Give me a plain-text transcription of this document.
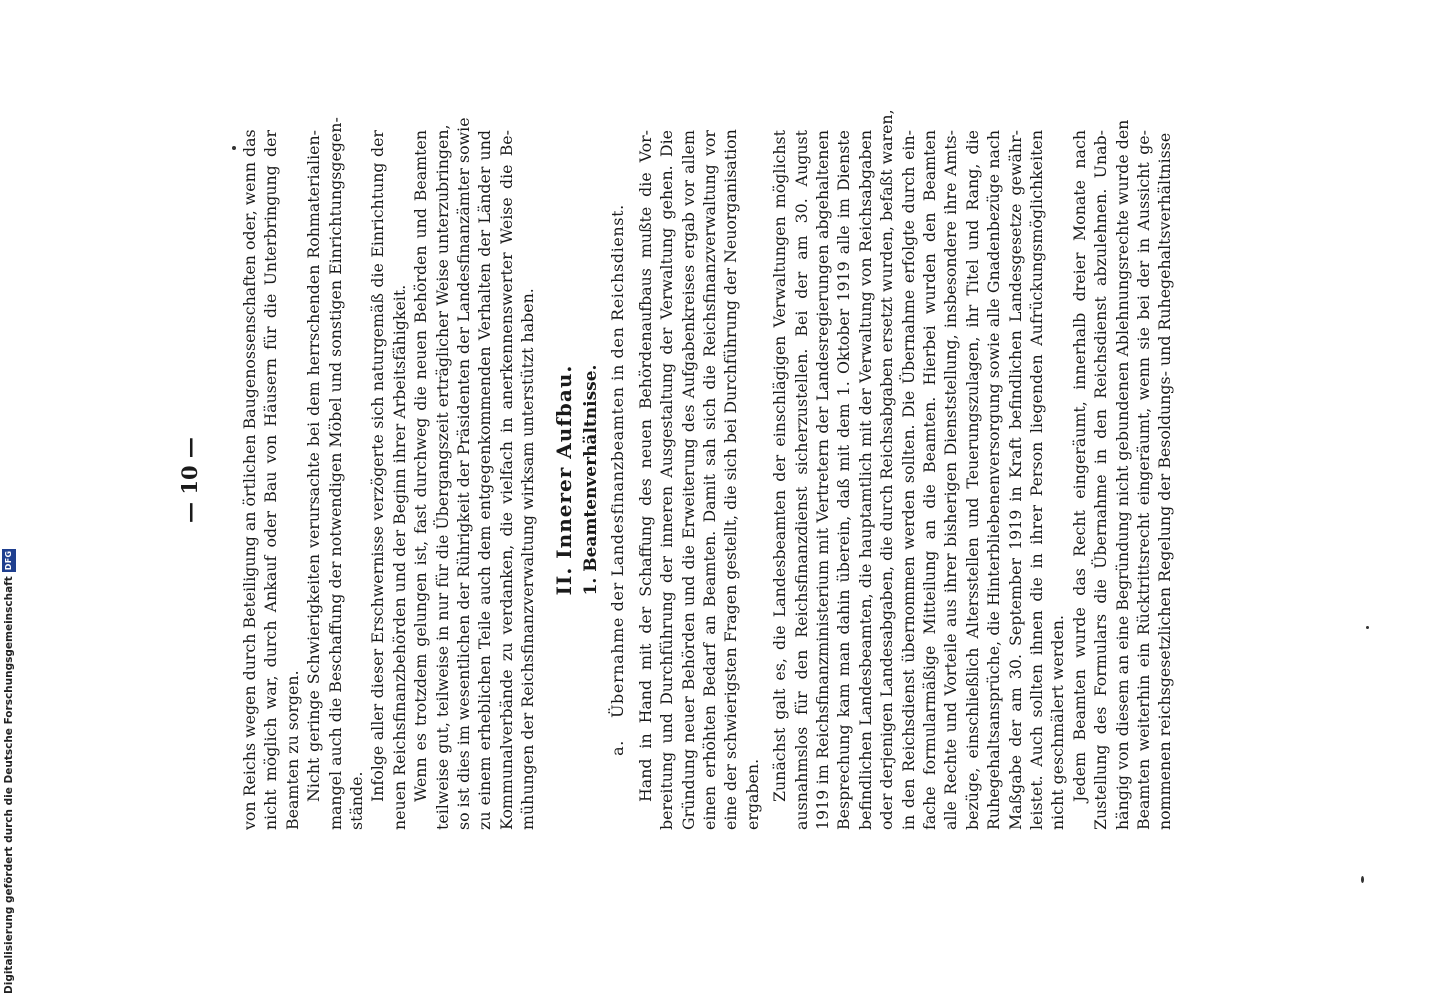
— 10 —	von Reichs wegen durch Beteiligung an örtlichen Baugenossenschaften oder, wenn das nicht möglich war, durch Ankauf oder Bau von Häusern für die Unterbringung der Beamten zu sorgen. Nicht geringe Schwierigkeiten verursachte bei dem herrschenden Rohmaterialien- mangel auch die Beschaffung der notwendigen Möbel und sonstigen Einrichtungsgegen- stände. Infolge aller dieser Erschwernisse verzögerte sich naturgemäß die Einrichtung der neuen Reichsfinanzbehörden und der Beginn ihrer Arbeitsfähigkeit. Wenn es trotzdem gelungen ist, fast durchweg die neuen Behörden und Beamten teilweise gut, teilweise in nur für die Übergangszeit erträglicher Weise unterzubringen, so ist dies im wesentlichen der Rührigkeit der Präsidenten der Landesfinanzämter sowie zu einem erheblichen Teile auch dem entgegenkommenden Verhalten der Länder und Kommunalverbände zu verdanken, die vielfach in anerkennenswerter Weise die Be- mühungen der Reichsfinanzverwaltung wirksam unterstützt haben. II. Innerer Aufbau. 1. Beamtenverhältnisse.
a.Übernahme der Landesfinanzbeamten in den Reichsdienst. Hand in Hand mit der Schaffung des neuen Behördenaufbaus mußte die Vor- bereitung und Durchführung der inneren Ausgestaltung der Verwaltung gehen. Die Gründung neuer Behörden und die Erweiterung des Aufgabenkreises ergab vor allem einen erhöhten Bedarf an Beamten. Damit sah sich die Reichsfinanzverwaltung vor eine der schwierigsten Fragen gestellt, die sich bei Durchführung der Neuorganisation ergaben. Zunächst galt es, die Landesbeamten der einschlägigen Verwaltungen möglichst ausnahmslos für den Reichsfinanzdienst sicherzustellen. Bei der am 30. August 1919 im Reichsfinanzministerium mit Vertretern der Landesregierungen abgehaltenen Besprechung kam man dahin überein, daß mit dem 1. Oktober 1919 alle im Dienste befindlichen Landesbeamten, die hauptamtlich mit der Verwaltung von Reichsabgaben oder derjenigen Landesabgaben, die durch Reichsabgaben ersetzt wurden, befaßt waren, in den Reichsdienst übernommen werden sollten. Die Übernahme erfolgte durch ein- fache formularmäßige Mitteilung an die Beamten. Hierbei wurden den Beamten alle Rechte und Vorteile aus ihrer bisherigen Dienststellung, insbesondere ihre Amts- bezüge, einschließlich Altersstellen und Teuerungszulagen, ihr Titel und Rang, die Ruhegehaltsansprüche, die Hinterbliebenenversorgung sowie alle Gnadenbezüge nach Maßgabe der am 30. September 1919 in Kraft befindlichen Landesgesetze gewähr- leistet. Auch sollten ihnen die in ihrer Person liegenden Aufrückungsmöglichkeiten nicht geschmälert werden. Jedem Beamten wurde das Recht eingeräumt, innerhalb dreier Monate nach Zustellung des Formulars die Übernahme in den Reichsdienst abzulehnen. Unab- hängig von diesem an eine Begründung nicht gebundenen Ablehnungsrechte wurde den Beamten weiterhin ein Rücktrittsrecht eingeräumt, wenn sie bei der in Aussicht ge- nommenen reichsgesetzlichen Regelung der Besoldungs- und Ruhegehaltsverhältnisse
Digitalisierung gefördert durch die Deutsche Forschungsgemeinschaft
DFG
